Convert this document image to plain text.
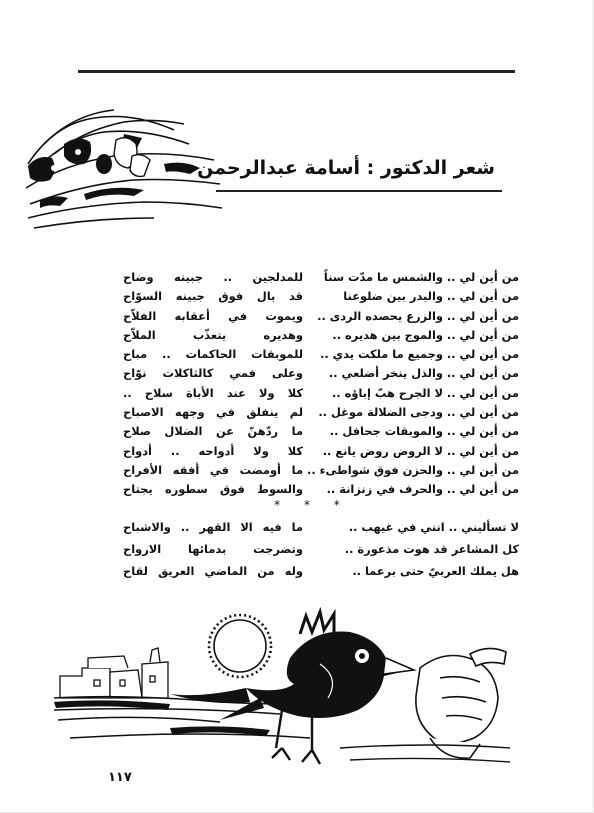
شعر الدكتور : أسامة عبدالرحمن
من أين لي .. والشمس ما مدّت سناً
من أين لي .. والبدر بين ضلوعنا
من أين لي .. والزرع يحصده الردى ..
من أين لي .. والموج بين هديره ..
من أين لي .. وجميع ما ملكت يدي ..
من أين لي .. والذل ينخر أضلعي ..
من أين لي .. لا الجرح هبّ إباؤه ..
من أين لي .. ودجى الضلالة موغل ..
من أين لي .. والموبقات جحافل ..
من أين لي .. لا الروض روض يانع ..
من أين لي .. والحزن فوق شواطىء ..
من أين لي .. والحرف في زنزانة ..
للمدلجين .. جبينه وضاح
قد بال فوق جبينه السوّاح
ويموت في أعقابه الفلاّح
وهديره يتعذّب الملاّح
للموبقات الحاكمات .. مباح
وعلى فمي كالثاكلات نوّاح
كلا ولا عند الأباة سلاح ..
لم ينفلق في وجهه الاصباح
ما ردّهنّ عن الضلال صلاح
كلا ولا أدواحه .. أدواح
ما أومضت في أفقه الأفراح
والسوط فوق سطوره يجتاح
* * *
لا تسأليني .. انني في غيهب ..
كل المشاعر قد هوت مذعورة ..
هل يملك العربيّ حتى برعما ..
ما فيه الا القهر .. والاشباح
وتضرجت بدمائها الارواح
وله من الماضي العريق لقاح
١١٧
